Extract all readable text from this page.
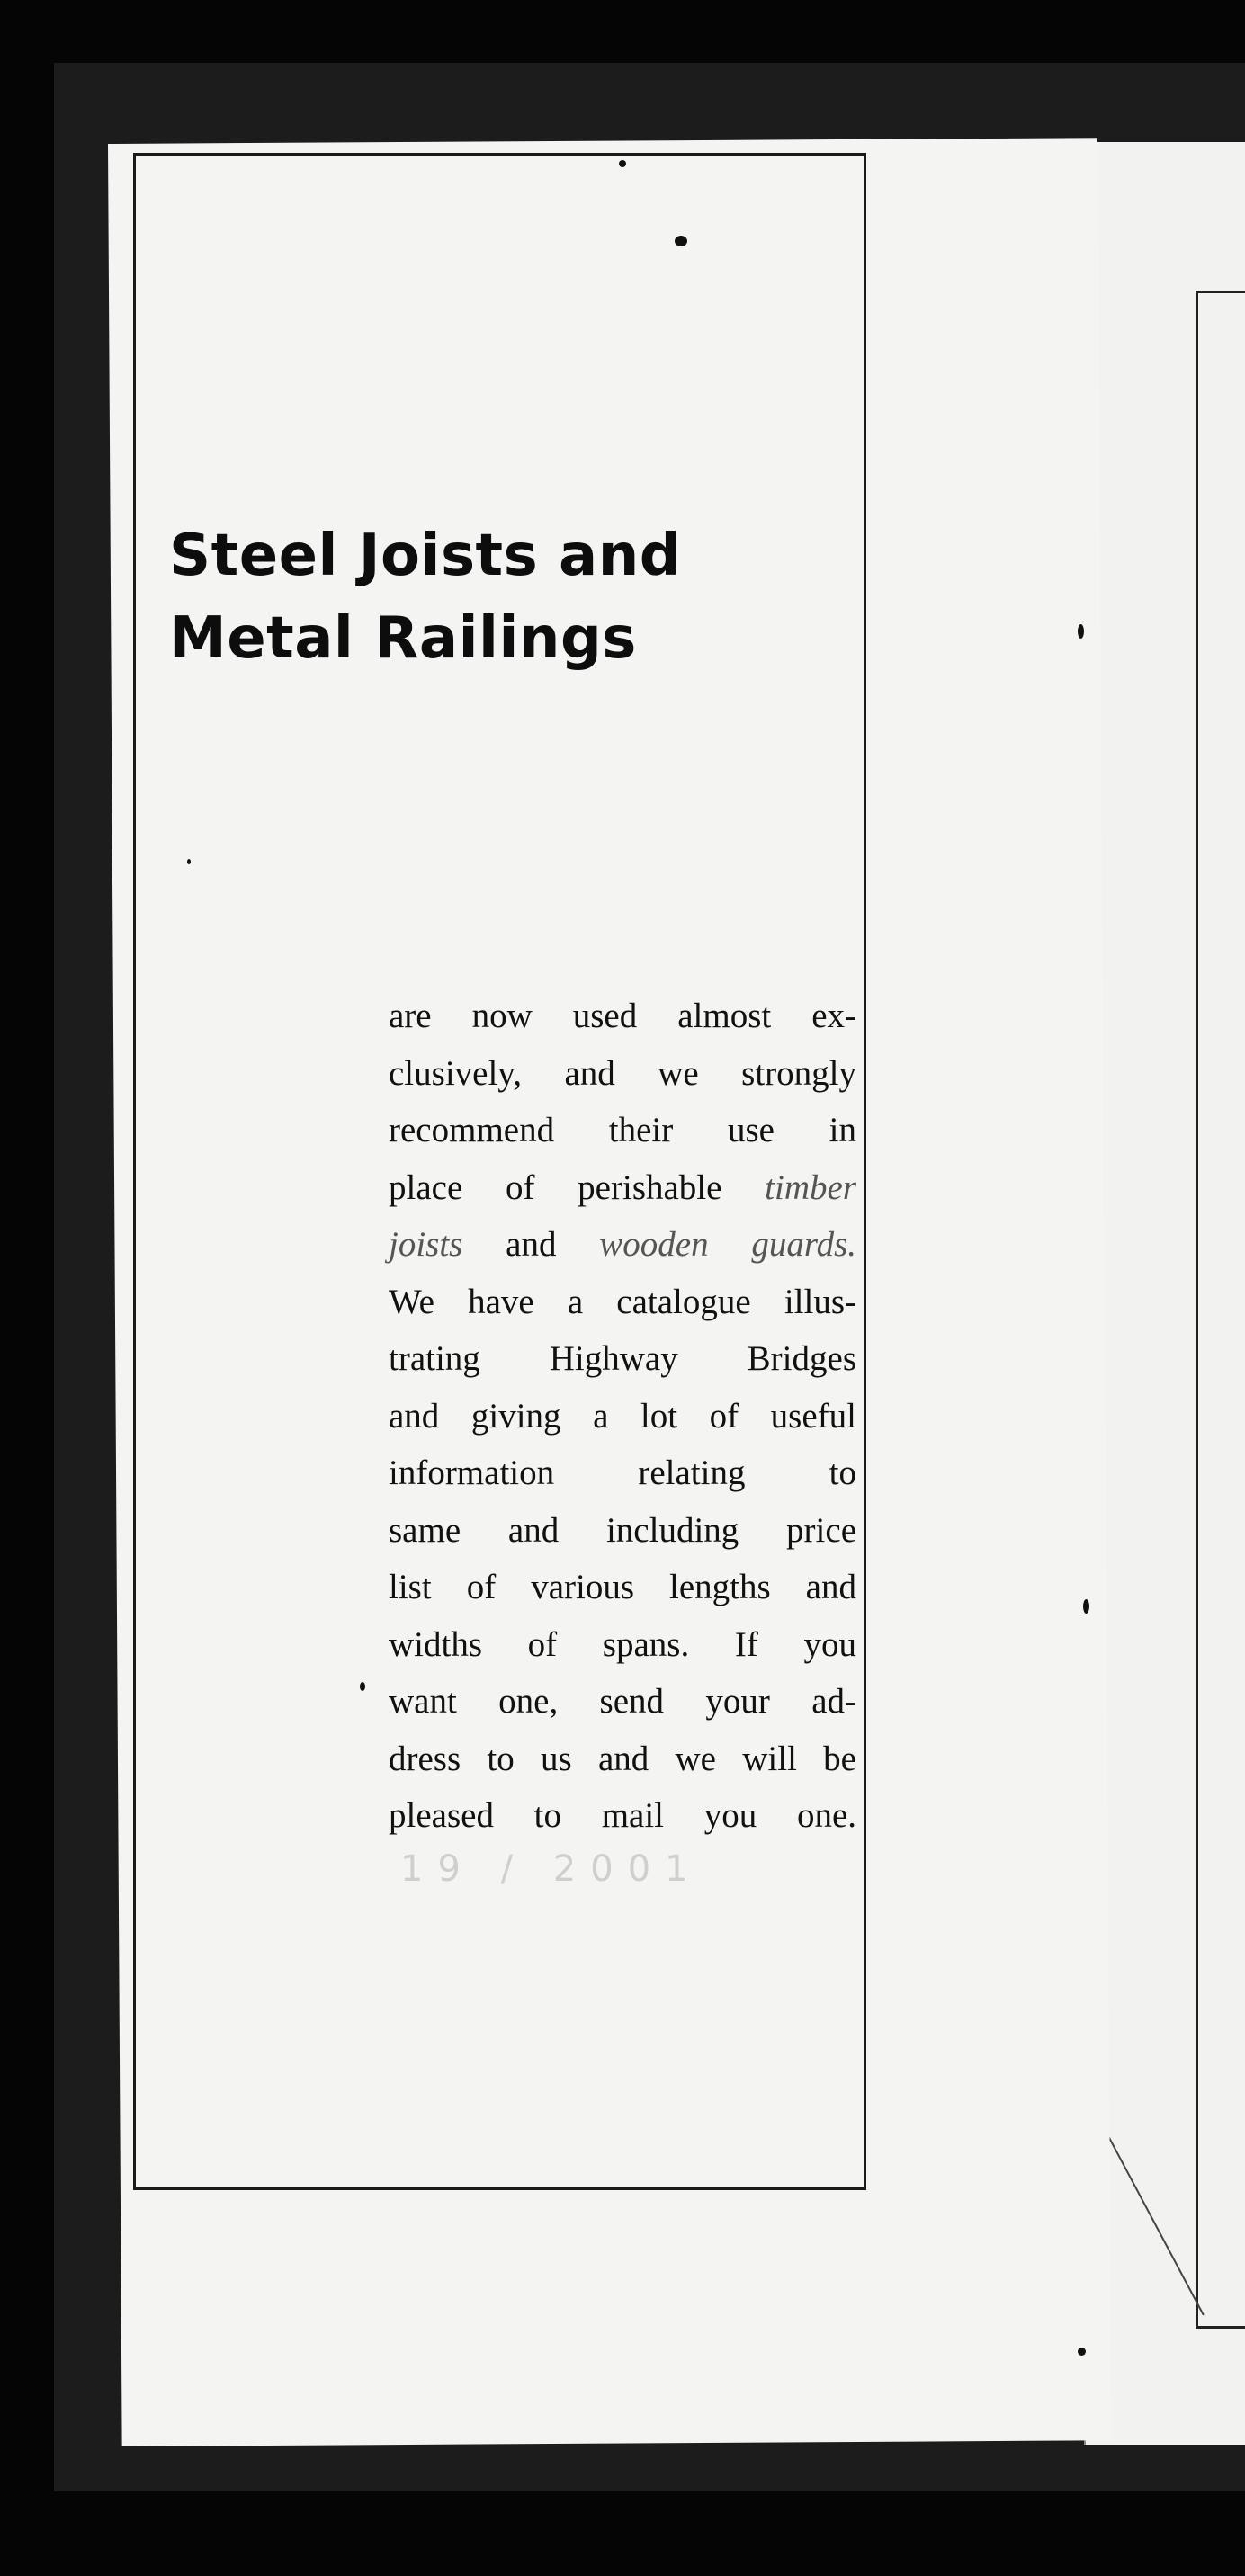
Steel Joists and
Metal Railings
are now used almost ex-
clusively, and we strongly
recommend their use in
place of perishable timber
joists and wooden guards.
We have a catalogue illus-
trating Highway Bridges
and giving a lot of useful
information relating to
same and including price
list of various lengths and
widths of spans. If you
want one, send your ad-
dress to us and we will be
pleased to mail you one.
19 / 2001
